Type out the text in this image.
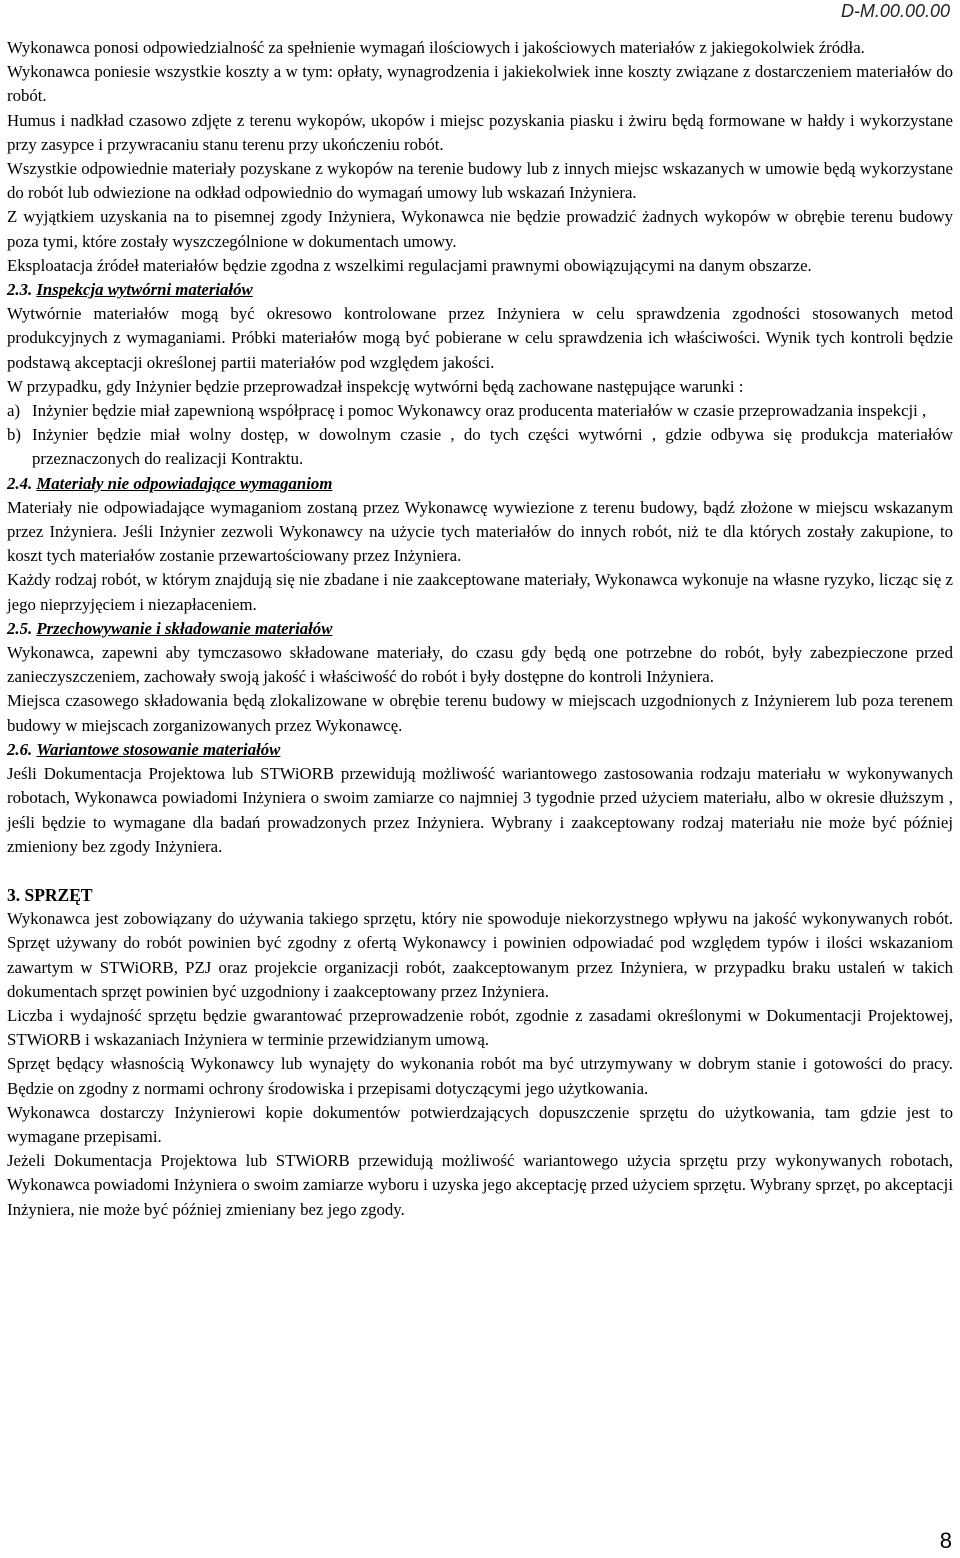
D-M.00.00.00

Wykonawca ponosi odpowiedzialność za spełnienie wymagań ilościowych i jakościowych materiałów z jakiegokolwiek źródła.

Wykonawca poniesie wszystkie koszty a w tym: opłaty, wynagrodzenia i jakiekolwiek inne koszty związane z dostarczeniem materiałów do robót.

Humus i nadkład czasowo zdjęte z terenu wykopów, ukopów i miejsc pozyskania piasku i żwiru będą formowane w hałdy i wykorzystane przy zasypce i przywracaniu stanu terenu przy ukończeniu robót.

Wszystkie odpowiednie materiały pozyskane z wykopów na terenie budowy lub z innych miejsc wskazanych w umowie będą wykorzystane do robót lub odwiezione na odkład odpowiednio do wymagań umowy lub wskazań Inżyniera.

Z wyjątkiem uzyskania na to pisemnej zgody Inżyniera, Wykonawca nie będzie prowadzić żadnych wykopów w obrębie terenu budowy poza tymi, które zostały wyszczególnione w dokumentach umowy.

Eksploatacja źródeł materiałów będzie zgodna z wszelkimi regulacjami prawnymi obowiązującymi na danym obszarze.

2.3. Inspekcja wytwórni materiałów

Wytwórnie materiałów mogą być okresowo kontrolowane przez Inżyniera w celu sprawdzenia zgodności stosowanych metod produkcyjnych z wymaganiami. Próbki materiałów mogą być pobierane w celu sprawdzenia ich właściwości. Wynik tych kontroli będzie podstawą akceptacji określonej partii materiałów pod względem jakości.

W przypadku, gdy Inżynier będzie przeprowadzał inspekcję wytwórni będą zachowane następujące warunki :

a) Inżynier będzie miał zapewnioną współpracę i pomoc Wykonawcy oraz producenta materiałów w czasie przeprowadzania inspekcji ,
b) Inżynier będzie miał wolny dostęp, w dowolnym czasie , do tych części wytwórni , gdzie odbywa się produkcja materiałów przeznaczonych do realizacji Kontraktu.
2.4. Materiały nie odpowiadające wymaganiom

Materiały nie odpowiadające wymaganiom zostaną przez Wykonawcę wywiezione z terenu budowy, bądź złożone w miejscu wskazanym przez Inżyniera. Jeśli Inżynier zezwoli Wykonawcy na użycie tych materiałów do innych robót, niż te dla których zostały zakupione, to koszt tych materiałów zostanie przewartościowany przez Inżyniera.

Każdy rodzaj robót, w którym znajdują się nie zbadane i nie zaakceptowane materiały, Wykonawca wykonuje na własne ryzyko, licząc się z jego nieprzyjęciem i niezapłaceniem.

2.5. Przechowywanie i składowanie materiałów

Wykonawca, zapewni aby tymczasowo składowane materiały, do czasu gdy będą one potrzebne do robót, były zabezpieczone przed zanieczyszczeniem, zachowały swoją jakość i właściwość do robót i były dostępne do kontroli Inżyniera.

Miejsca czasowego składowania będą zlokalizowane w obrębie terenu budowy w miejscach uzgodnionych z Inżynierem lub poza terenem budowy w miejscach zorganizowanych przez Wykonawcę.

2.6. Wariantowe stosowanie materiałów

Jeśli Dokumentacja Projektowa lub STWiORB przewidują możliwość wariantowego zastosowania rodzaju materiału w wykonywanych robotach, Wykonawca powiadomi Inżyniera o swoim zamiarze co najmniej 3 tygodnie przed użyciem materiału, albo w okresie dłuższym , jeśli będzie to wymagane dla badań prowadzonych przez Inżyniera. Wybrany i zaakceptowany rodzaj materiału nie może być później zmieniony bez zgody Inżyniera.

3. SPRZĘT

Wykonawca jest zobowiązany do używania takiego sprzętu, który nie spowoduje niekorzystnego wpływu na jakość wykonywanych robót. Sprzęt używany do robót powinien być zgodny z ofertą Wykonawcy i powinien odpowiadać pod względem typów i ilości wskazaniom zawartym w STWiORB, PZJ oraz projekcie organizacji robót, zaakceptowanym przez Inżyniera, w przypadku braku ustaleń w takich dokumentach sprzęt powinien być uzgodniony i zaakceptowany przez Inżyniera.

Liczba i wydajność sprzętu będzie gwarantować przeprowadzenie robót, zgodnie z zasadami określonymi w Dokumentacji Projektowej, STWiORB i wskazaniach Inżyniera w terminie przewidzianym umową.

Sprzęt będący własnością Wykonawcy lub wynajęty do wykonania robót ma być utrzymywany w dobrym stanie i gotowości do pracy. Będzie on zgodny z normami ochrony środowiska i przepisami dotyczącymi jego użytkowania.

Wykonawca dostarczy Inżynierowi kopie dokumentów potwierdzających dopuszczenie sprzętu do użytkowania, tam gdzie jest to wymagane przepisami.

Jeżeli Dokumentacja Projektowa lub STWiORB przewidują możliwość wariantowego użycia sprzętu przy wykonywanych robotach, Wykonawca powiadomi Inżyniera o swoim zamiarze wyboru i uzyska jego akceptację przed użyciem sprzętu. Wybrany sprzęt, po akceptacji Inżyniera, nie może być później zmieniany bez jego zgody.

8
